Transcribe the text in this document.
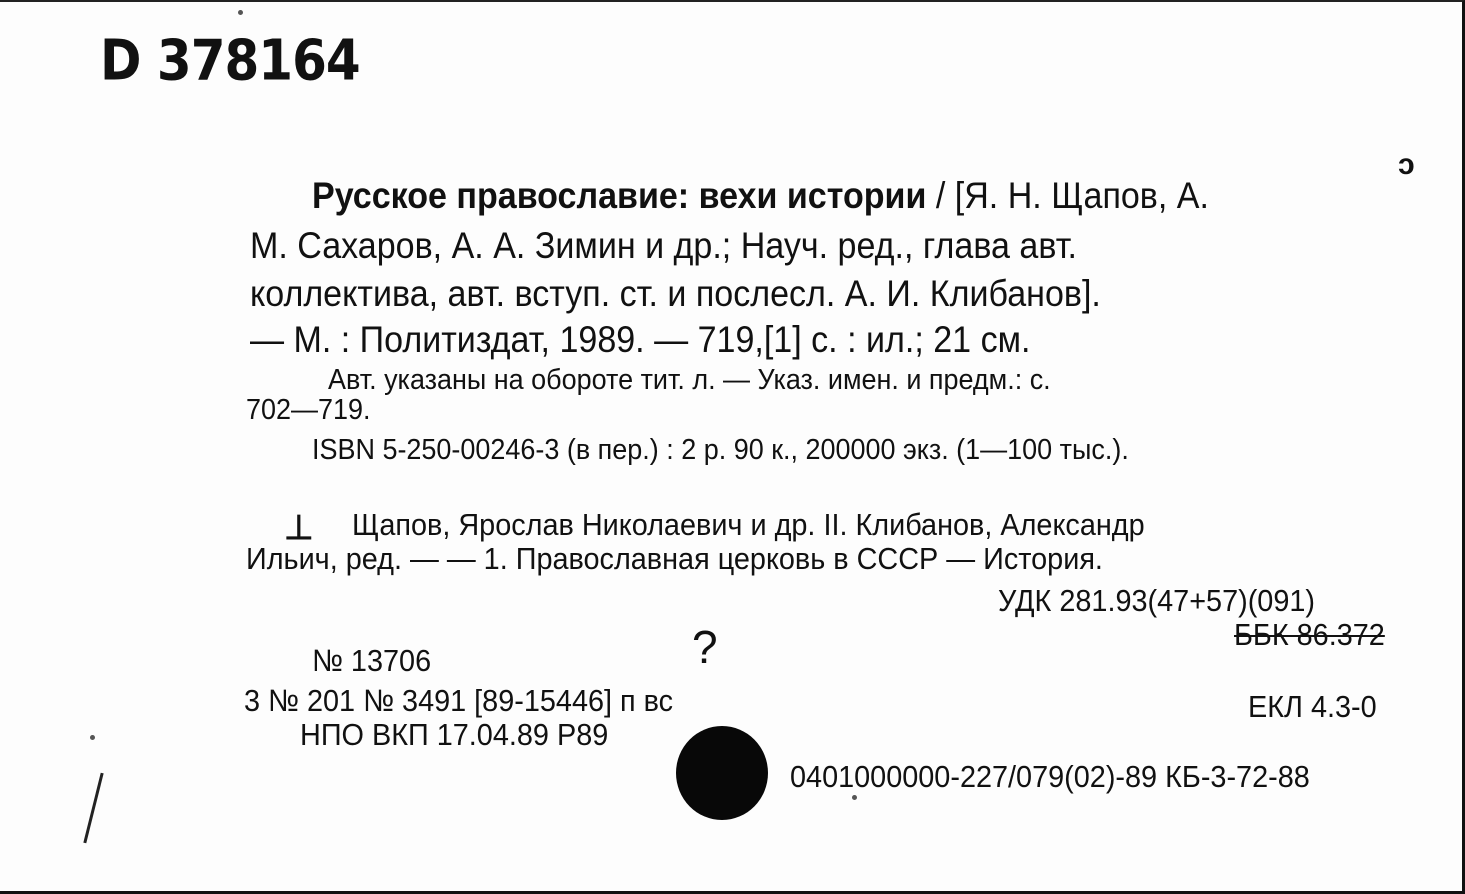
D 378164
ɔ
Русское православие: вехи истории / [Я. Н. Щапов, А.
М. Сахаров, А. А. Зимин и др.; Науч. ред., глава авт.
коллектива, авт. вступ. ст. и послесл. А. И. Клибанов].
— М. : Политиздат, 1989. — 719,[1] с. : ил.; 21 см.
Авт. указаны на обороте тит. л. — Указ. имен. и предм.: с.
702—719.
ISBN 5-250-00246-3 (в пер.) : 2 р. 90 к., 200000 экз. (1—100 тыс.).
⊥ Щапов, Ярослав Николаевич и др. II. Клибанов, Александр
Ильич, ред. — — 1. Православная церковь в СССР — История.
УДК 281.93(47+57)(091)
ББК 86.372
№ 13706	?
3 № 201 № 3491 [89-15446] п вс	ЕКЛ 4.3-0
НПО ВКП 17.04.89 Р89
0401000000-227/079(02)-89 КБ-3-72-88
